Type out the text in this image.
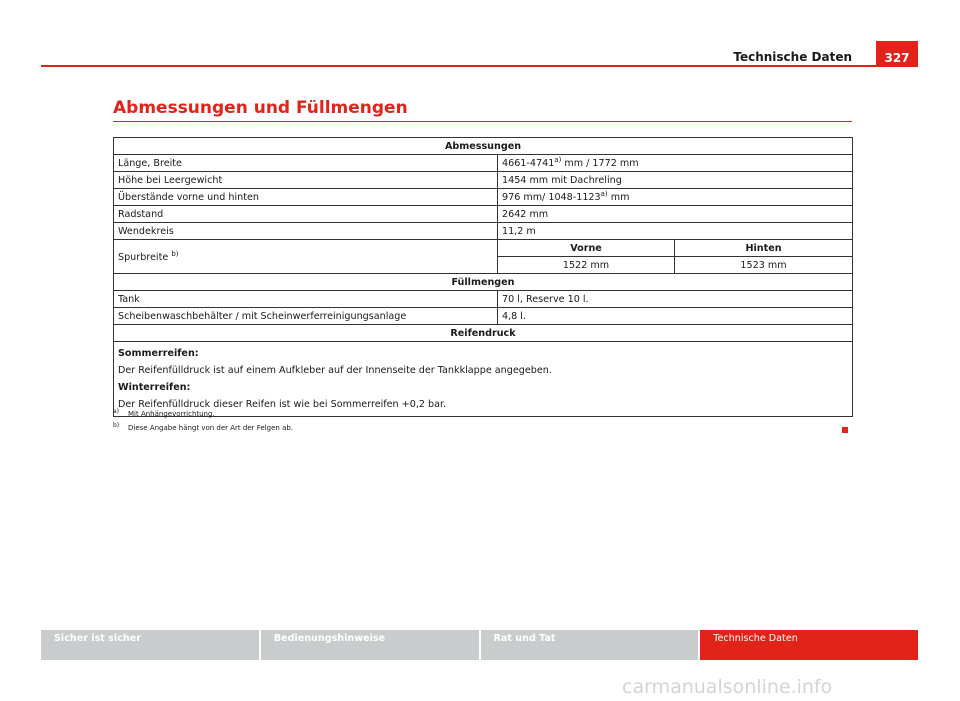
Technische Daten	327
Abmessungen und Füllmengen
Abmessungen		
Länge, Breite	4661-4741$^{a)}$ mm / 1772 mm	
Höhe bei Leergewicht	1454 mm mit Dachreling	
Überstände vorne und hinten	976 mm/ 1048-1123$^{a)}$ mm	
Radstand	2642 mm	
Wendekreis	11,2 m	
Spurbreite $^{b)}$	Vorne	Hinten
	1522 mm	1523 mm
Füllmengen		
Tank	70 l, Reserve 10 l.	
Scheibenwaschbehälter / mit Scheinwerferreinigungsanlage	4,8 l.	
Reifendruck		

Sommerreifen:
Der Reifenfülldruck ist auf einem Aufkleber auf der Innenseite der Tankklappe angegeben.
Winterreifen:
Der Reifenfülldruck dieser Reifen ist wie bei Sommerreifen +0,2 bar.		
a)	Mit Anhängevorrichtung.
b)	Diese Angabe hängt von der Art der Felgen ab.
Sicher ist sicher	Bedienungshinweise	Rat und Tat	Technische Daten
carmanualsonline.info
